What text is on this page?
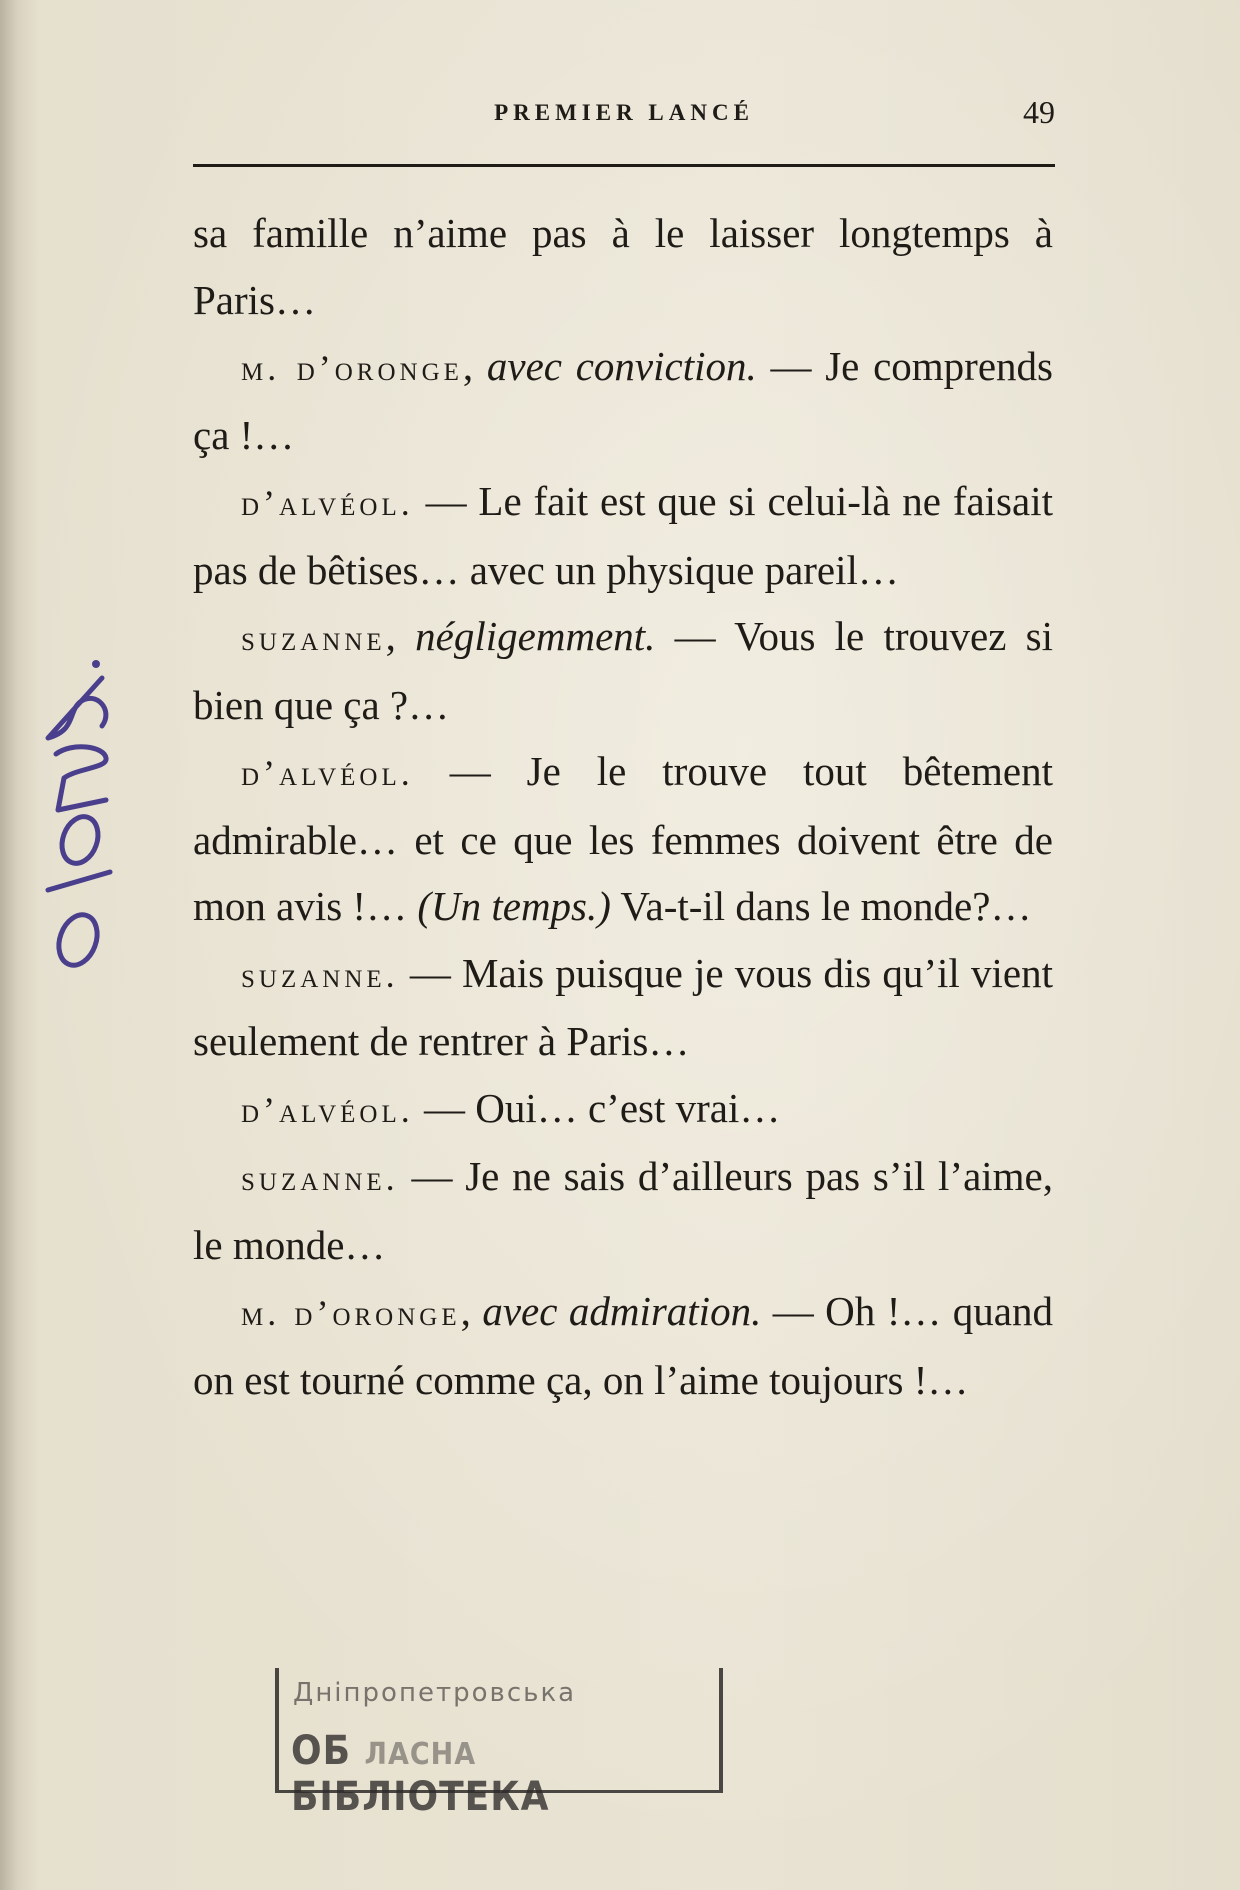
PREMIER LANCÉ	49

sa famille n’aime pas à le laisser longtemps à Paris…

m. d’oronge, avec conviction. — Je comprends ça !…

d’alvéol. — Le fait est que si celui-là ne faisait pas de bêtises… avec un physique pareil…

suzanne, négligemment. — Vous le trouvez si bien que ça ?…

d’alvéol. — Je le trouve tout bêtement admirable… et ce que les femmes doivent être de mon avis !… (Un temps.) Va-t-il dans le monde?…

suzanne. — Mais puisque je vous dis qu’il vient seulement de rentrer à Paris…

d’alvéol. — Oui… c’est vrai…

suzanne. — Je ne sais d’ailleurs pas s’il l’aime, le monde…

m. d’oronge, avec admiration. — Oh !… quand on est tourné comme ça, on l’aime toujours !…

Дніпропетровська
ОБ ЛАСНА БІБЛІОТЕКА
